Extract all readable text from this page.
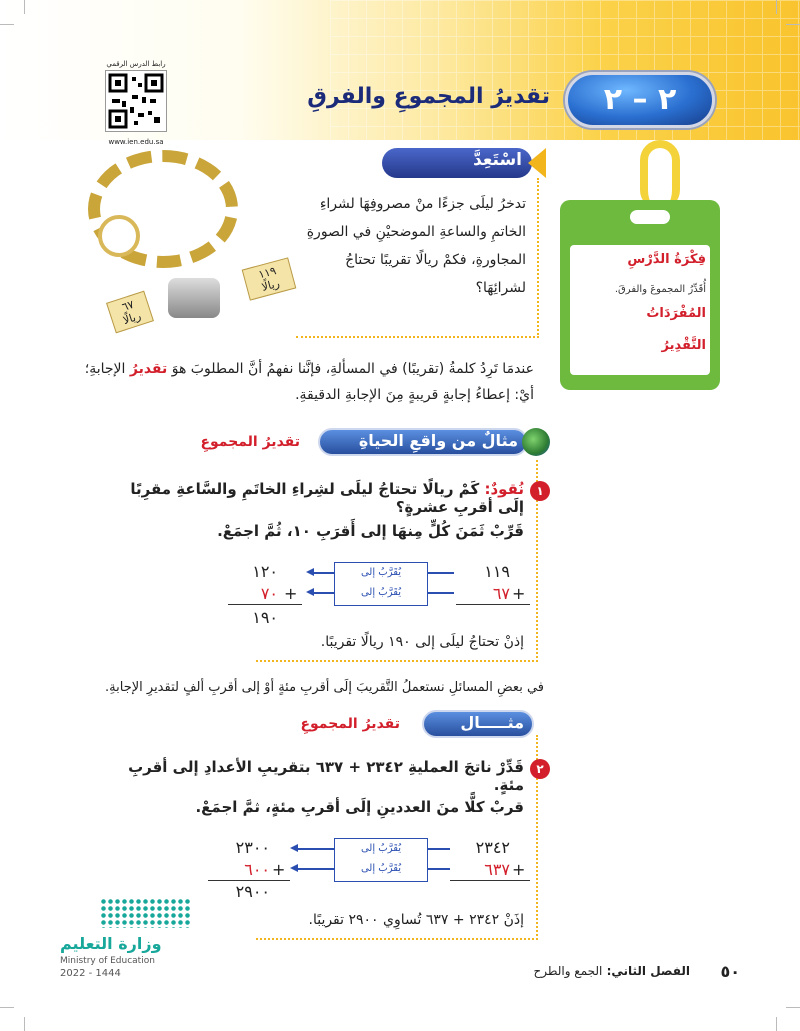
٢ – ٢
تقديرُ المجموعِ والفرقِ
رابط الدرس الرقمي
www.ien.edu.sa
فِكْرَةُ الدَّرْسِ
أُقَدِّرُ المجموعَ والفرقَ.
المُفْرَدَاتُ
التَّقْدِيرُ
اسْتَعِدَّ
تدخرُ ليلَى جزءًا منْ مصروفِهَا لشراءِ
الخاتمِ والساعةِ الموضحيْنِ في الصورةِ
المجاورةِ، فكمْ ريالًا تقريبًا تحتاجُ
لشرائِهَا؟
١١٩ ريالًا
٦٧ ريالًا
عندمَا تَرِدُ كلمةُ (تقريبًا) في المسألةِ، فإنَّنا نفهمُ أنَّ المطلوبَ هوَ تقديرُ الإجابةِ؛
أيْ: إعطاءُ إجابةٍ قريبةٍ مِنَ الإجابةِ الدقيقةِ.
مثالٌ من واقعِ الحياةِ
تقديرُ المجموعِ
١
نُقودٌ: كَمْ ريالًا تحتاجُ ليلَى لشِراءِ الخاتَمِ والسَّاعةِ مقرِبًا إلَى أقربِ عشرةٍ؟
قَرِّبْ ثَمَنَ كُلٍّ مِنهَا إلى أَقرَبِ ١٠، ثُمَّ اجمَعْ.
١١٩
٦٧ +
يُقَرَّبُ إلى
يُقَرَّبُ إلى
١٢٠
٧٠ +
١٩٠
إذنْ تحتاجُ ليلَى إلى ١٩٠ ريالًا تقريبًا.
في بعضِ المسائلِ نستعملُ التَّقريبَ إلَى أقربِ مئةٍ أوْ إلى أقربِ ألفٍ لتقديرِ الإجابةِ.
مثـــــال
تقديرُ المجموعِ
٢
قَدِّرْ ناتجَ العمليةِ ٢٣٤٢ + ٦٣٧ بتقريبِ الأعدادِ إلى أقربِ مئةٍ.
قربْ كلًّا منَ العددينِ إلَى أقربِ مئةٍ، ثمَّ اجمَعْ.
٢٣٤٢
٦٣٧ +
يُقَرَّبُ إلى
يُقَرَّبُ إلى
٢٣٠٠
٦٠٠ +
٢٩٠٠
إذَنْ ٢٣٤٢ + ٦٣٧ تُساوِي ٢٩٠٠ تقريبًا.
وزارة التعليم
Ministry of Education
2022 - 1444	٥٠
الفصل الثاني: الجمع والطرح
